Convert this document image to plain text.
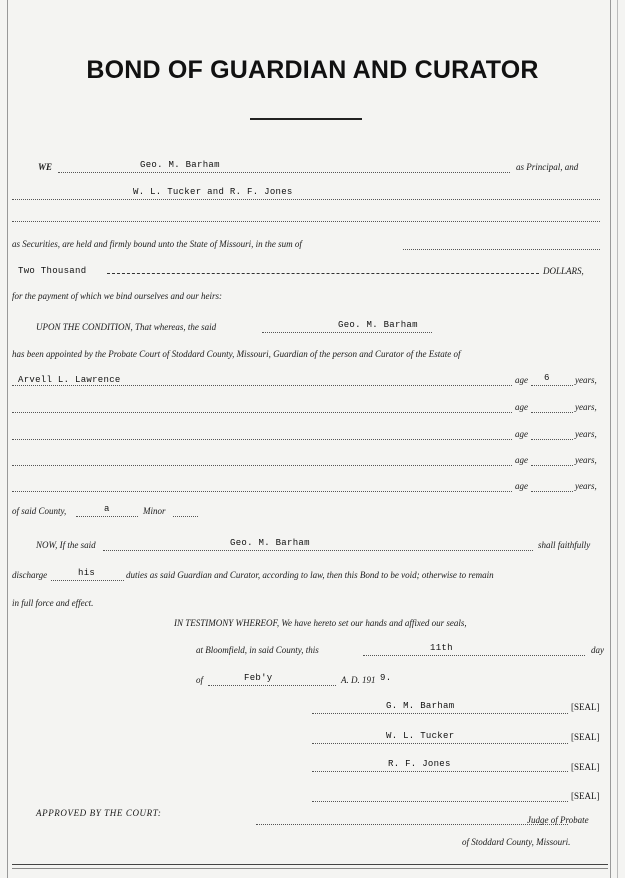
BOND OF GUARDIAN AND CURATOR
WE	Geo. M. Barham	as Principal, and
W. L. Tucker and R. F. Jones
as Securities, are held and firmly bound unto the State of Missouri, in the sum of
Two Thousand	DOLLARS,
for the payment of which we bind ourselves and our heirs:
UPON THE CONDITION, That whereas, the said	Geo. M. Barham
has been appointed by the Probate Court of Stoddard County, Missouri, Guardian of the person and Curator of the Estate of
Arvell L. Lawrence	age 6	years,
age	years,
age	years,
age	years,
age	years,
of said County,	a	Minor
NOW, If the said	Geo. M. Barham	shall faithfully
discharge	his	duties as said Guardian and Curator, according to law, then this Bond to be void; otherwise to remain
in full force and effect.
IN TESTIMONY WHEREOF, We have hereto set our hands and affixed our seals,
at Bloomfield, in said County, this	11th	day
of	Feb'y	A. D. 191 9.
G. M. Barham	[SEAL]
W. L. Tucker	[SEAL]
R. F. Jones	[SEAL]
[SEAL]
APPROVED BY THE COURT:
Judge of Probate
of Stoddard County, Missouri.
